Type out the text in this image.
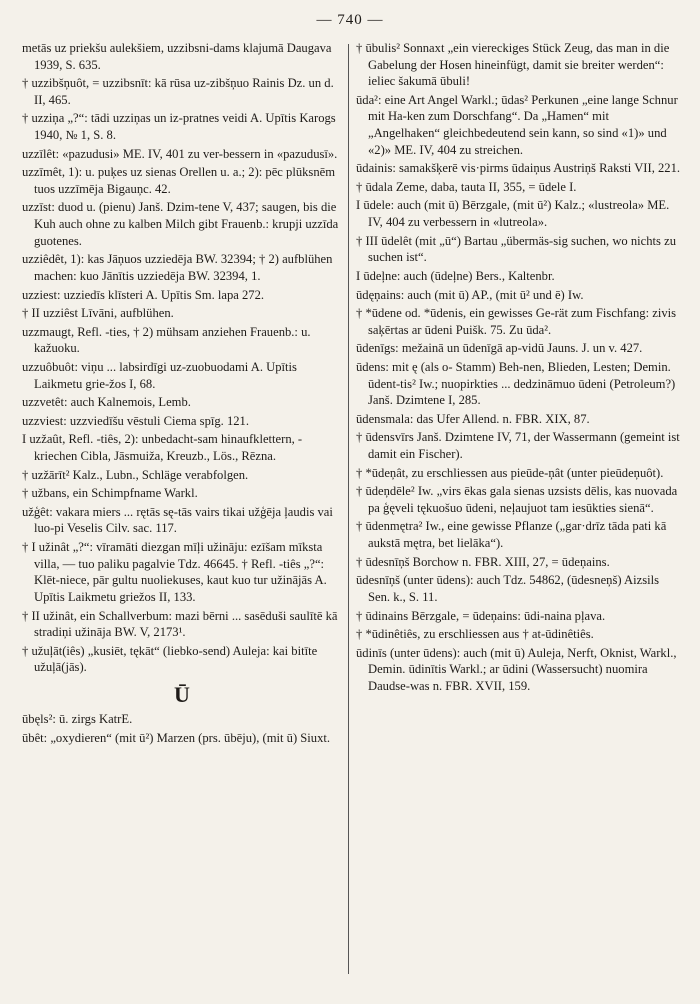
— 740 —
metās uz priekšu aulekšiem, uzzibsni-dams klajumā Daugava 1939, S. 635.
† uzzibšņuôt, = uzzibsnīt: kā rūsa uz-zibšņuo Rainis Dz. un d. II, 465.
† uzziņa „?“: tādi uzziņas un iz-pratnes veidi A. Upītis Karogs 1940, № 1, S. 8.
uzzīlêt: «pazudusi» ME. IV, 401 zu ver-bessern in «pazudusī».
uzzīmêt, 1): u. puķes uz sienas Orellen u. a.; 2): pēc plūksnēm tuos uzzīmēja Bigauņc. 42.
uzzīst: duod u. (pienu) Janš. Dzim-tene V, 437; saugen, bis die Kuh auch ohne zu kalben Milch gibt Frauenb.: krupji uzzīda guotenes.
uzziêdêt, 1): kas Jāņuos uzziedēja BW. 32394; † 2) aufblühen machen: kuo Jānītis uzziedēja BW. 32394, 1.
uzziest: uzziedīs klīsteri A. Upītis Sm. lapa 272.
† II uzziêst Līvāni, aufblühen.
uzzmaugt, Refl. -ties, † 2) mühsam anziehen Frauenb.: u. kažuoku.
uzzuôbuôt: viņu ... labsirdīgi uz-zuobuodami A. Upītis Laikmetu grie-žos I, 68.
uzzvetêt: auch Kalnemois, Lemb.
uzzviest: uzzviedīšu vēstuli Ciema spīg. 121.
I uzžaût, Refl. -tiês, 2): unbedacht-sam hinaufklettern, -kriechen Cibla, Jāsmuiža, Kreuzb., Lös., Rēzna.
† uzžārīt² Kalz., Lubn., Schläge verabfolgen.
† užbans, ein Schimpfname Warkl.
užģêt: vakara miers ... rętās sę-tās vairs tikai užģēja ļaudis vai luo-pi Veselis Cilv. sac. 117.
† I užinât „?“: vīramāti diezgan mīļi užināju: ezīšam mīksta villa, — tuo paliku pagalvie Tdz. 46645. † Refl. -tiês „?“: Klēt-niece, pār gultu nuoliekuses, kaut kuo tur užinājās A. Upītis Laikmetu griežos II, 133.
† II užinât, ein Schallverbum: mazi bērni ... sasēduši saulītē kā stradiņi užināja BW. V, 2173¹.
† užuļāt(iês) „kusiēt, tękāt“ (liebko-send) Auleja: kai bitīte užuļā(jās).
Ū
ūbęls²: ū. zirgs KatrE.
ūbêt: „oxydieren“ (mit ū²) Marzen (prs. ūbēju), (mit ū) Siuxt.
† ūbulis² Sonnaxt „ein viereckiges Stück Zeug, das man in die Gabelung der Hosen hineinfügt, damit sie breiter werden“: ieliec šakumā ūbuli!
ūda²: eine Art Angel Warkl.; ūdas² Perkunen „eine lange Schnur mit Ha-ken zum Dorschfang“. Da „Hamen“ mit „Angelhaken“ gleichbedeutend sein kann, so sind «1)» und «2)» ME. IV, 404 zu streichen.
ūdainis: samakšķerē vis·pirms ūdaiņus Austriņš Raksti VII, 221.
† ūdala Zeme, daba, tauta II, 355, = ūdele I.
I ūdele: auch (mit ū) Bērzgale, (mit ū²) Kalz.; «lustreola» ME. IV, 404 zu verbessern in «lutreola».
† III ūdelêt (mit „ū“) Bartau „übermäs-sig suchen, wo nichts zu suchen ist“.
I ūdeļne: auch (ūdeļne) Bers., Kaltenbr.
ūdęņains: auch (mit ū) AP., (mit ū² und ē) Iw.
† *ūdene od. *ūdenis, ein gewisses Ge-rät zum Fischfang: zivis saķērtas ar ūdeni Puišk. 75. Zu ūda².
ūdenīgs: mežainā un ūdenīgā ap-vidū Jauns. J. un v. 427.
ūdens: mit ę (als o- Stamm) Beh-nen, Blieden, Lesten; Demin. ūdent-tis² Iw.; nuopirkties ... dedzināmuo ūdeni (Petroleum?) Janš. Dzimtene I, 285.
ūdensmala: das Ufer Allend. n. FBR. XIX, 87.
† ūdensvīrs Janš. Dzimtene IV, 71, der Wassermann (gemeint ist damit ein Fischer).
† *ūdeņât, zu erschliessen aus pieūde-ņât (unter pieūdeņuôt).
† ūdeņdēle² Iw. „virs ēkas gala sienas uzsists dēlis, kas nuovada pa ģęveli tękuošuo ūdeni, neļaujuot tam iesūkties sienā“.
† ūdenmętra² Iw., eine gewisse Pflanze („gar·drīz tāda pati kā aukstā mętra, bet lielāka“).
† ūdesnīņš Borchow n. FBR. XIII, 27, = ūdeņains.
ūdesnīņš (unter ūdens): auch Tdz. 54862, (ūdesneņš) Aizsils Sen. k., S. 11.
† ūdinains Bērzgale, = ūdeņains: ūdi-naina pļava.
† *ūdinêtiês, zu erschliessen aus † at-ūdinêtiês.
ūdinīs (unter ūdens): auch (mit ū) Auleja, Nerft, Oknist, Warkl., Demin. ūdinītis Warkl.; ar ūdini (Wassersucht) nuomira Daudse-was n. FBR. XVII, 159.
